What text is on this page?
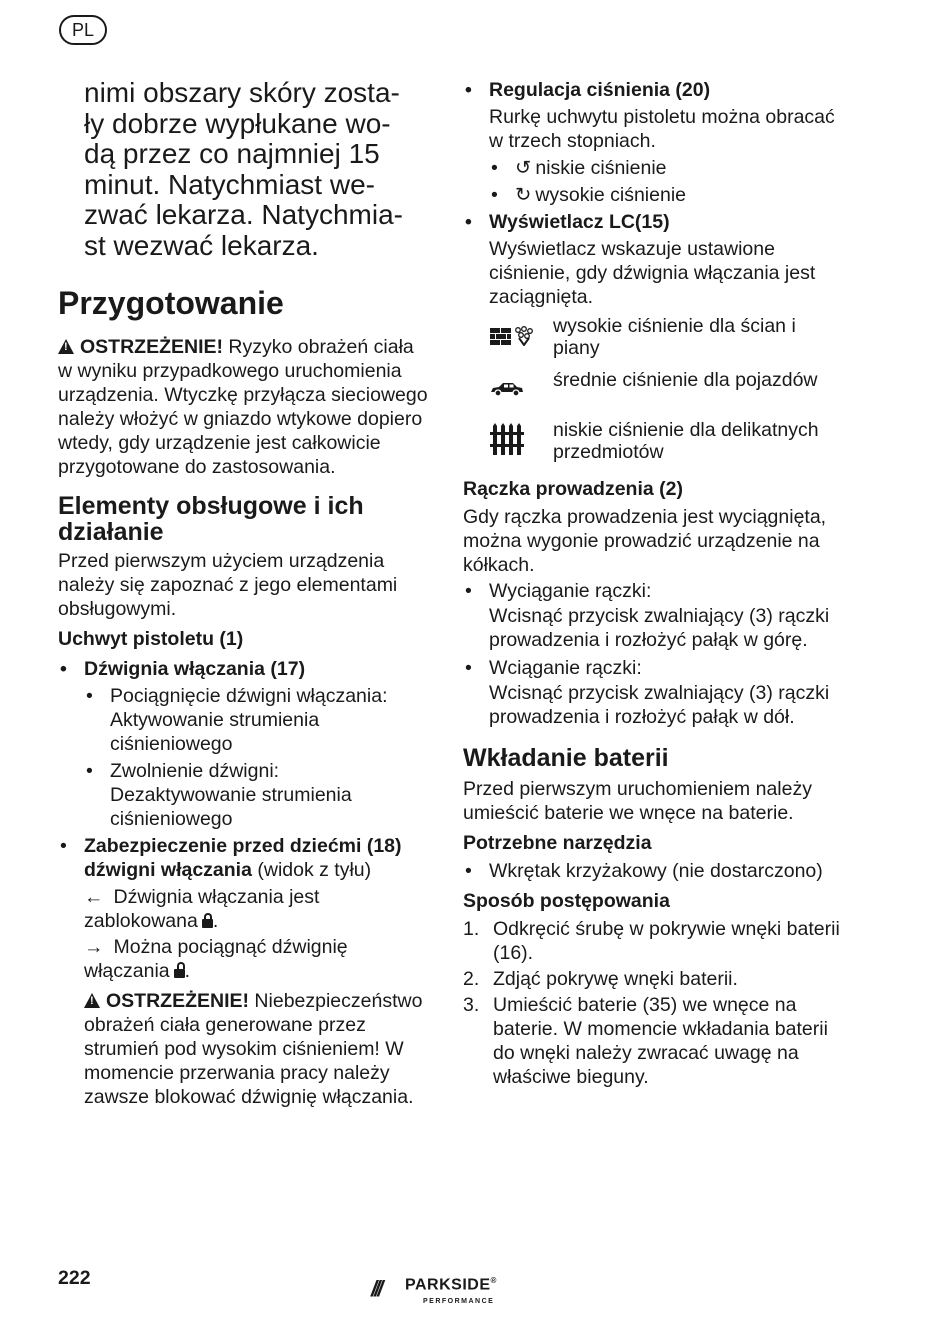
PL
nimi obszary skóry zosta-
ły dobrze wypłukane wo-
dą przez co najmniej 15
minut. Natychmiast we-
zwać lekarza. Natychmia-
st wezwać lekarza.
Przygotowanie
!OSTRZEŻENIE! Ryzyko obrażeń ciała w wyniku przypadkowego uruchomienia urządzenia. Wtyczkę przyłącza sieciowego należy włożyć w gniazdo wtykowe dopiero wtedy, gdy urządzenie jest całkowicie przygotowane do zastosowania.
Elementy obsługowe i ich działanie
Przed pierwszym użyciem urządzenia należy się zapoznać z jego elementami obsługowymi.
Uchwyt pistoletu (1)
• Dźwignia włączania (17)
• Pociągnięcie dźwigni włączania: Aktywowanie strumienia ciśnieniowego
• Zwolnienie dźwigni: Dezaktywowanie strumienia ciśnieniowego
• Zabezpieczenie przed dziećmi (18) dźwigni włączania (widok z tyłu)
← Dźwignia włączania jest zablokowana .
→ Można pociągnąć dźwignię włączania .
!OSTRZEŻENIE! Niebezpieczeństwo obrażeń ciała generowane przez strumień pod wysokim ciśnieniem! W momencie przerwania pracy należy zawsze blokować dźwignię włączania.
• Regulacja ciśnienia (20)
Rurkę uchwytu pistoletu można obracać w trzech stopniach.
• ↺ niskie ciśnienie
• ↻ wysokie ciśnienie
• Wyświetlacz LC(15)
Wyświetlacz wskazuje ustawione ciśnienie, gdy dźwignia włączania jest zaciągnięta.
wysokie ciśnienie dla ścian i piany
średnie ciśnienie dla pojazdów
niskie ciśnienie dla delikatnych przedmiotów
Rączka prowadzenia (2)
Gdy rączka prowadzenia jest wyciągnięta, można wygonie prowadzić urządzenie na kółkach.
• Wyciąganie rączki:
Wcisnąć przycisk zwalniający (3) rączki prowadzenia i rozłożyć pałąk w górę.
• Wciąganie rączki:
Wcisnąć przycisk zwalniający (3) rączki prowadzenia i rozłożyć pałąk w dół.
Wkładanie baterii
Przed pierwszym uruchomieniem należy umieścić baterie we wnęce na baterie.
Potrzebne narzędzia
• Wkrętak krzyżakowy (nie dostarczono)
Sposób postępowania
1. Odkręcić śrubę w pokrywie wnęki baterii (16).
2. Zdjąć pokrywę wnęki baterii.
3. Umieścić baterie (35) we wnęce na baterie. W momencie wkładania baterii do wnęki należy zwracać uwagę na właściwe bieguny.
222	/// PARKSIDE®
PERFORMANCE
